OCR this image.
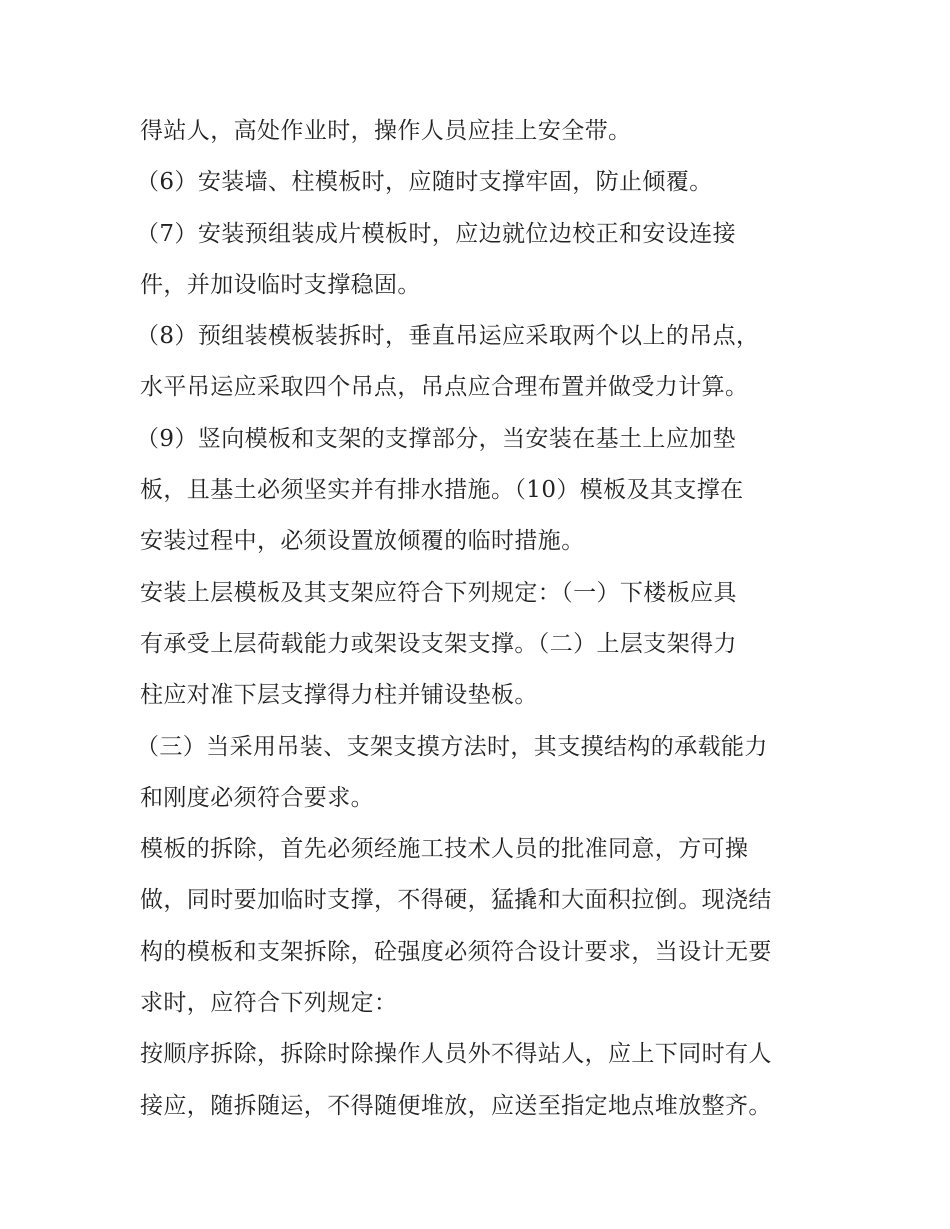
得站人，高处作业时，操作人员应挂上安全带。
（6）安装墙、柱模板时，应随时支撑牢固，防止倾覆。
（7）安装预组装成片模板时，应边就位边校正和安设连接
件，并加设临时支撑稳固。
（8）预组装模板装拆时，垂直吊运应采取两个以上的吊点，
水平吊运应采取四个吊点，吊点应合理布置并做受力计算。
（9）竖向模板和支架的支撑部分，当安装在基土上应加垫
板，且基土必须坚实并有排水措施。（10）模板及其支撑在
安装过程中，必须设置放倾覆的临时措施。
安装上层模板及其支架应符合下列规定：（一）下楼板应具
有承受上层荷载能力或架设支架支撑。（二）上层支架得力
柱应对准下层支撑得力柱并铺设垫板。
（三）当采用吊装、支架支摸方法时，其支摸结构的承载能力
和刚度必须符合要求。
模板的拆除，首先必须经施工技术人员的批准同意，方可操
做，同时要加临时支撑，不得硬，猛撬和大面积拉倒。现浇结
构的模板和支架拆除，砼强度必须符合设计要求，当设计无要
求时，应符合下列规定：
按顺序拆除，拆除时除操作人员外不得站人，应上下同时有人
接应，随拆随运，不得随便堆放，应送至指定地点堆放整齐。
